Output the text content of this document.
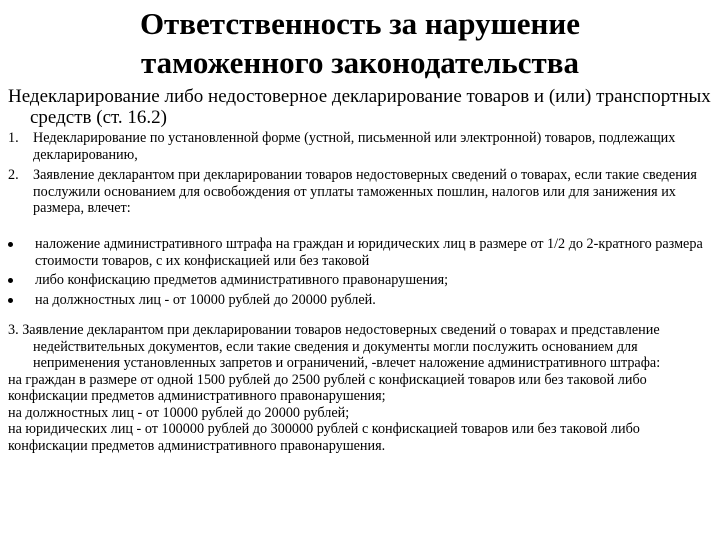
Ответственность за нарушение
таможенного законодательства
Недекларирование либо недостоверное декларирование товаров и (или) транспортных средств (ст. 16.2)
1. Недекларирование по установленной форме (устной, письменной или электронной) товаров, подлежащих декларированию,
2. Заявление декларантом при декларировании товаров недостоверных сведений о товарах, если такие сведения послужили основанием для освобождения от уплаты таможенных пошлин, налогов или для занижения их размера, влечет:
наложение административного штрафа на граждан и юридических лиц в размере от 1/2 до 2-кратного размера стоимости товаров, с их конфискацией или без таковой
либо конфискацию предметов административного правонарушения;
на должностных лиц - от 10000 рублей до 20000 рублей.
3. Заявление декларантом при декларировании товаров недостоверных сведений о товарах и представление недействительных документов, если такие сведения и документы могли послужить основанием для неприменения установленных запретов и ограничений, -влечет наложение административного штрафа:
на граждан в размере от одной 1500 рублей до 2500 рублей с конфискацией товаров или без таковой либо конфискации предметов административного правонарушения;
на должностных лиц - от 10000 рублей до 20000 рублей;
на юридических лиц - от 100000 рублей до 300000 рублей с конфискацией товаров или без таковой либо конфискации предметов административного правонарушения.
